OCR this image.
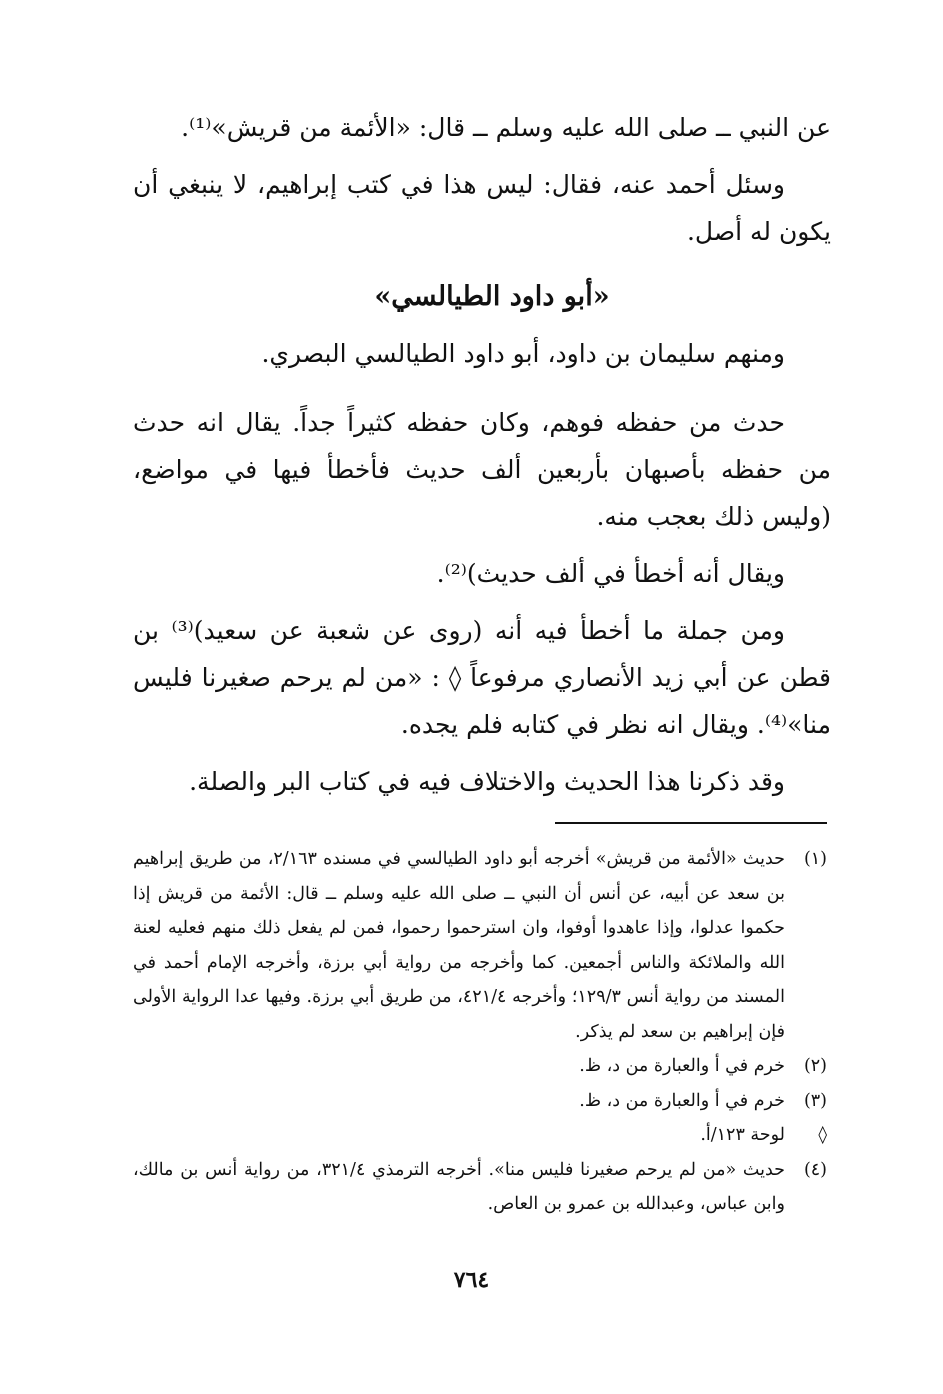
عن النبي ــ صلى الله عليه وسلم ــ قال: «الأئمة من قريش»⁽¹⁾.

وسئل أحمد عنه، فقال: ليس هذا في كتب إبراهيم، لا ينبغي أن يكون له أصل.

«أبو داود الطيالسي»

ومنهم سليمان بن داود، أبو داود الطيالسي البصري.

حدث من حفظه فوهم، وكان حفظه كثيراً جداً. يقال انه حدث من حفظه بأصبهان بأربعين ألف حديث فأخطأ فيها في مواضع، (وليس ذلك بعجب منه.

ويقال أنه أخطأ في ألف حديث)⁽²⁾.

ومن جملة ما أخطأ فيه أنه (روى عن شعبة عن سعيد)⁽³⁾ بن قطن عن أبي زيد الأنصاري مرفوعاً ◊ : «من لم يرحم صغيرنا فليس منا»⁽⁴⁾. ويقال انه نظر في كتابه فلم يجده.

وقد ذكرنا هذا الحديث والاختلاف فيه في كتاب البر والصلة.

(١)
حديث «الأئمة من قريش» أخرجه أبو داود الطيالسي في مسنده ٢/١٦٣، من طريق إبراهيم بن سعد عن أبيه، عن أنس أن النبي ــ صلى الله عليه وسلم ــ قال: الأئمة من قريش إذا حكموا عدلوا، وإذا عاهدوا أوفوا، وان استرحموا رحموا، فمن لم يفعل ذلك منهم فعليه لعنة الله والملائكة والناس أجمعين. كما وأخرجه من رواية أبي برزة، وأخرجه الإمام أحمد في المسند من رواية أنس ١٢٩/٣؛ وأخرجه ٤٢١/٤، من طريق أبي برزة. وفيها عدا الرواية الأولى فإن إبراهيم بن سعد لم يذكر.
(٢)
خرم في أ والعبارة من د، ظ.
(٣)
خرم في أ والعبارة من د، ظ.
◊
لوحة ١٢٣/أ.
(٤)
حديث «من لم يرحم صغيرنا فليس منا». أخرجه الترمذي ٣٢١/٤، من رواية أنس بن مالك، وابن عباس، وعبدالله بن عمرو بن العاص.
٧٦٤
